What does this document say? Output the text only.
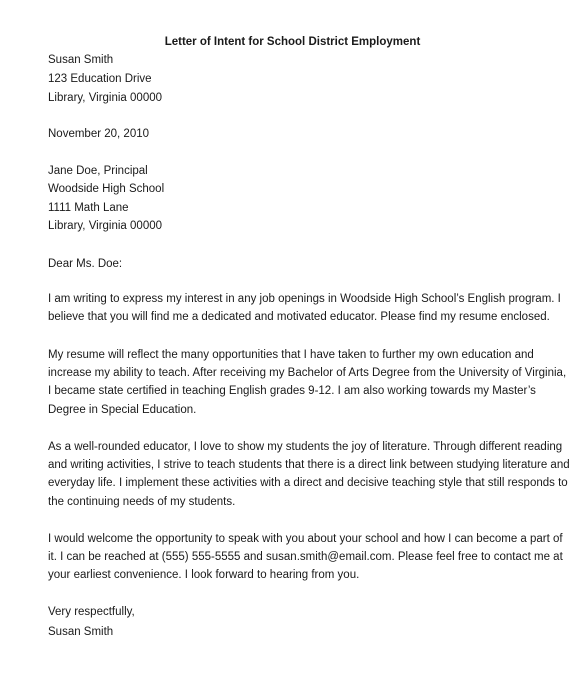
Letter of Intent for School District Employment
Susan Smith
123 Education Drive
Library, Virginia 00000
November 20, 2010
Jane Doe, Principal
Woodside High School
1111 Math Lane
Library, Virginia 00000
Dear Ms. Doe:
I am writing to express my interest in any job openings in Woodside High School’s English program. I
believe that you will find me a dedicated and motivated educator. Please find my resume enclosed.
My resume will reflect the many opportunities that I have taken to further my own education and
increase my ability to teach. After receiving my Bachelor of Arts Degree from the University of Virginia,
I became state certified in teaching English grades 9-12. I am also working towards my Master’s
Degree in Special Education.
As a well-rounded educator, I love to show my students the joy of literature. Through different reading
and writing activities, I strive to teach students that there is a direct link between studying literature and
everyday life. I implement these activities with a direct and decisive teaching style that still responds to
the continuing needs of my students.
I would welcome the opportunity to speak with you about your school and how I can become a part of
it. I can be reached at (555) 555-5555 and susan.smith@email.com. Please feel free to contact me at
your earliest convenience. I look forward to hearing from you.
Very respectfully,
Susan Smith
